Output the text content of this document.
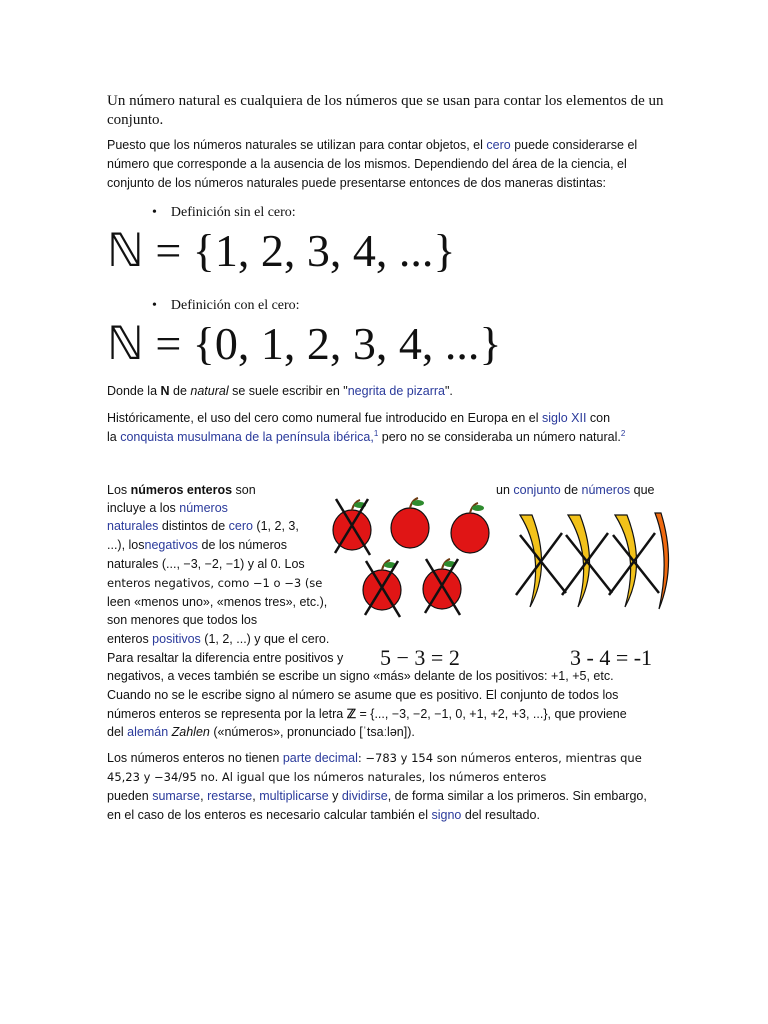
Un número natural es cualquiera de los números que se usan para contar los elementos de un conjunto.
Puesto que los números naturales se utilizan para contar objetos, el cero puede considerarse el número que corresponde a la ausencia de los mismos. Dependiendo del área de la ciencia, el conjunto de los números naturales puede presentarse entonces de dos maneras distintas:
• Definición sin el cero:
ℕ = {1, 2, 3, 4, ...}
• Definición con el cero:
ℕ = {0, 1, 2, 3, 4, ...}
Donde la N de natural se suele escribir en "negrita de pizarra".
Históricamente, el uso del cero como numeral fue introducido en Europa en el siglo XII con
la conquista musulmana de la península ibérica,$^1$ pero no se consideraba un número natural.$^2$
Los números enteros son	un conjunto de números que
incluye a los números
naturales distintos de cero (1, 2, 3,
...), losnegativos de los números
naturales (..., −3, −2, −1) y al 0. Los
enteros negativos, como −1 o −3 (se
leen «menos uno», «menos tres», etc.),
son menores que todos los
enteros positivos (1, 2, ...) y que el cero.
Para resaltar la diferencia entre positivos y
negativos, a veces también se escribe un signo «más» delante de los positivos: +1, +5, etc.
Cuando no se le escribe signo al número se asume que es positivo. El conjunto de todos los
números enteros se representa por la letra ℤ = {..., −3, −2, −1, 0, +1, +2, +3, ...}, que proviene
del alemán Zahlen («números», pronunciado [ˈtsaːlən]).
5 − 3 = 2	3 - 4 = -1
Los números enteros no tienen parte decimal: −783 y 154 son números enteros, mientras que
45,23 y −34/95 no. Al igual que los números naturales, los números enteros
pueden sumarse, restarse, multiplicarse y dividirse, de forma similar a los primeros. Sin embargo,
en el caso de los enteros es necesario calcular también el signo del resultado.
